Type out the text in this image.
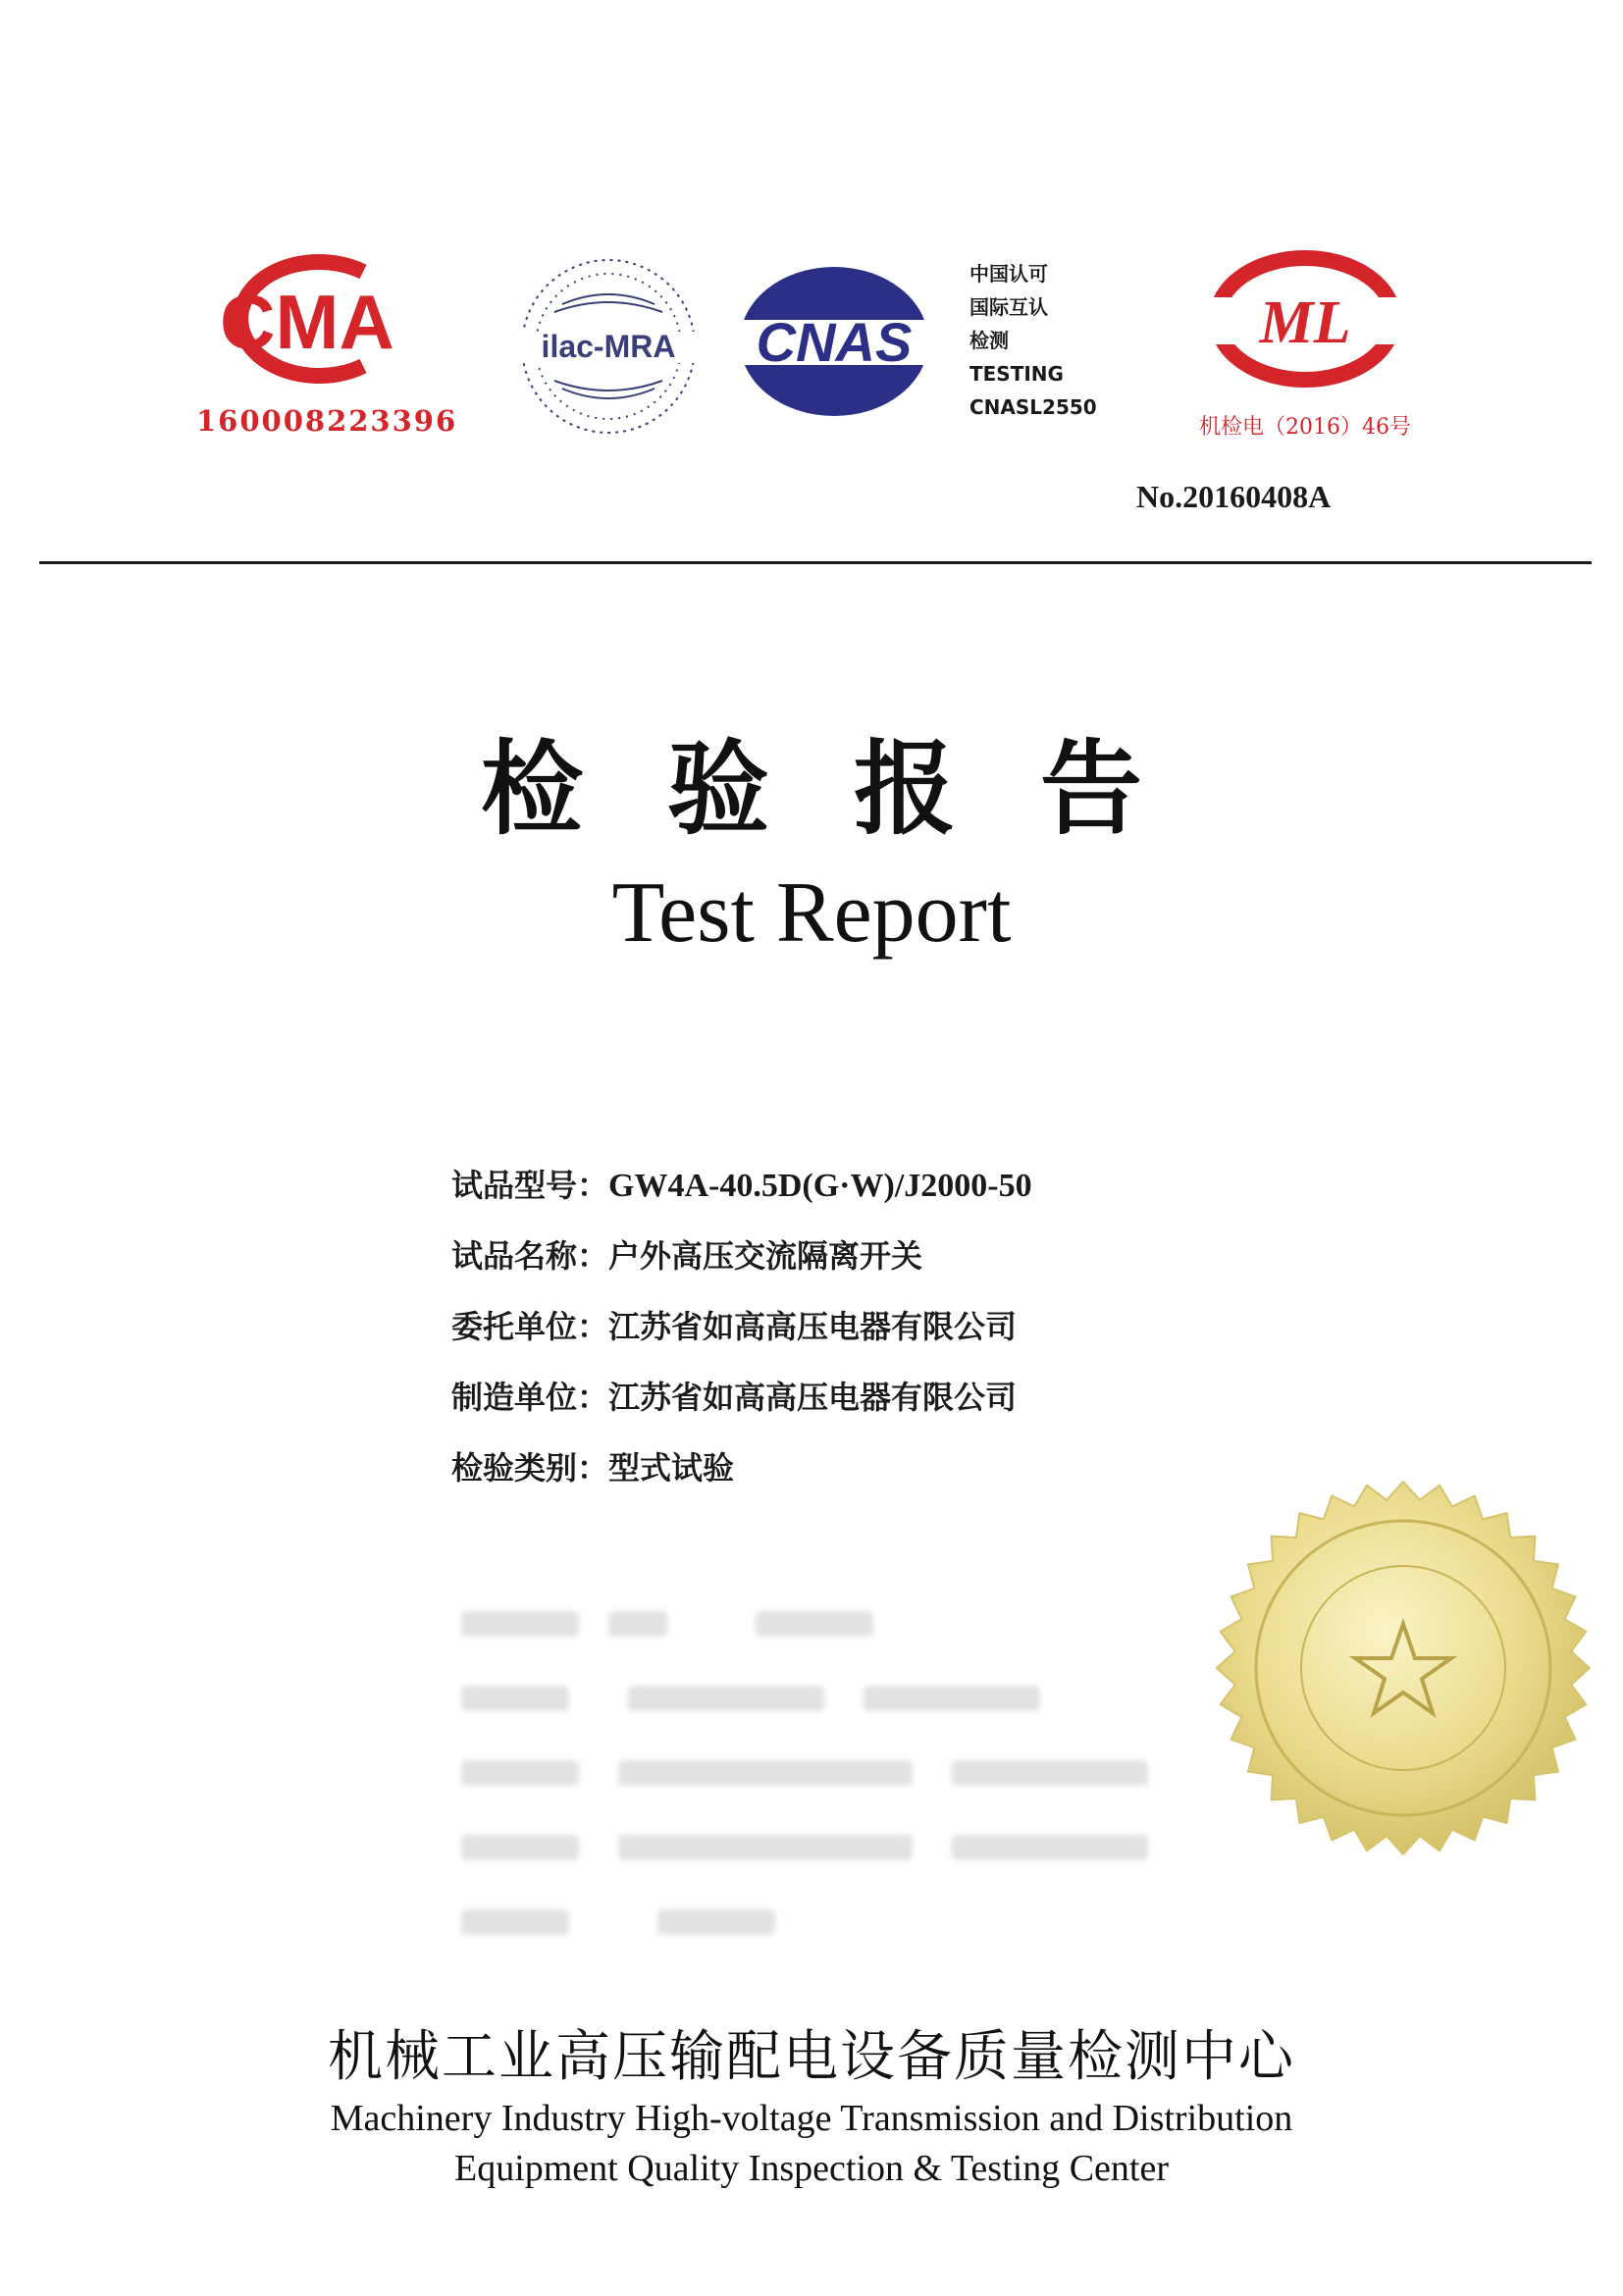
CMA
160008223396
ilac-MRA CNAS
中国认可
国际互认
检测
TESTING
CNASL2550
ML
机检电（2016）46号
No.20160408A
检验报告
Test Report
试品型号：GW4A-40.5D(G·W)/J2000-50
试品名称：户外高压交流隔离开关
委托单位：江苏省如高高压电器有限公司
制造单位：江苏省如高高压电器有限公司
检验类别：型式试验
机械工业高压输配电设备质量检测中心
Machinery Industry High-voltage Transmission and Distribution
Equipment Quality Inspection & Testing Center
